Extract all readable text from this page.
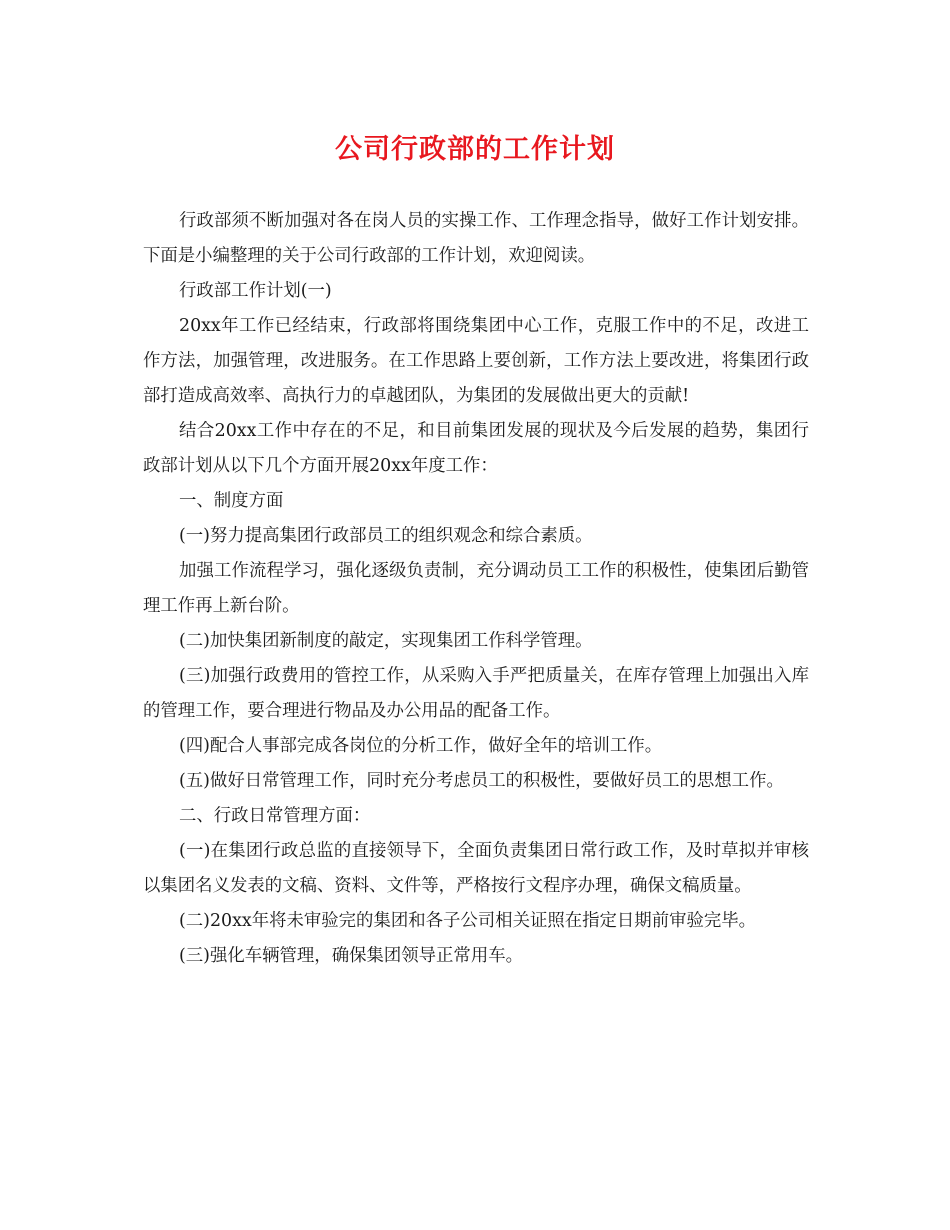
公司行政部的工作计划

行政部须不断加强对各在岗人员的实操工作、工作理念指导，做好工作计划安排。下面是小编整理的关于公司行政部的工作计划，欢迎阅读。

行政部工作计划(一)

20xx年工作已经结束，行政部将围绕集团中心工作，克服工作中的不足，改进工作方法，加强管理，改进服务。在工作思路上要创新，工作方法上要改进，将集团行政部打造成高效率、高执行力的卓越团队，为集团的发展做出更大的贡献!

结合20xx工作中存在的不足，和目前集团发展的现状及今后发展的趋势，集团行政部计划从以下几个方面开展20xx年度工作：

一、制度方面

(一)努力提高集团行政部员工的组织观念和综合素质。

加强工作流程学习，强化逐级负责制，充分调动员工工作的积极性，使集团后勤管理工作再上新台阶。

(二)加快集团新制度的敲定，实现集团工作科学管理。

(三)加强行政费用的管控工作，从采购入手严把质量关，在库存管理上加强出入库的管理工作，要合理进行物品及办公用品的配备工作。

(四)配合人事部完成各岗位的分析工作，做好全年的培训工作。

(五)做好日常管理工作，同时充分考虑员工的积极性，要做好员工的思想工作。

二、行政日常管理方面：

(一)在集团行政总监的直接领导下，全面负责集团日常行政工作，及时草拟并审核以集团名义发表的文稿、资料、文件等，严格按行文程序办理，确保文稿质量。

(二)20xx年将未审验完的集团和各子公司相关证照在指定日期前审验完毕。

(三)强化车辆管理，确保集团领导正常用车。
